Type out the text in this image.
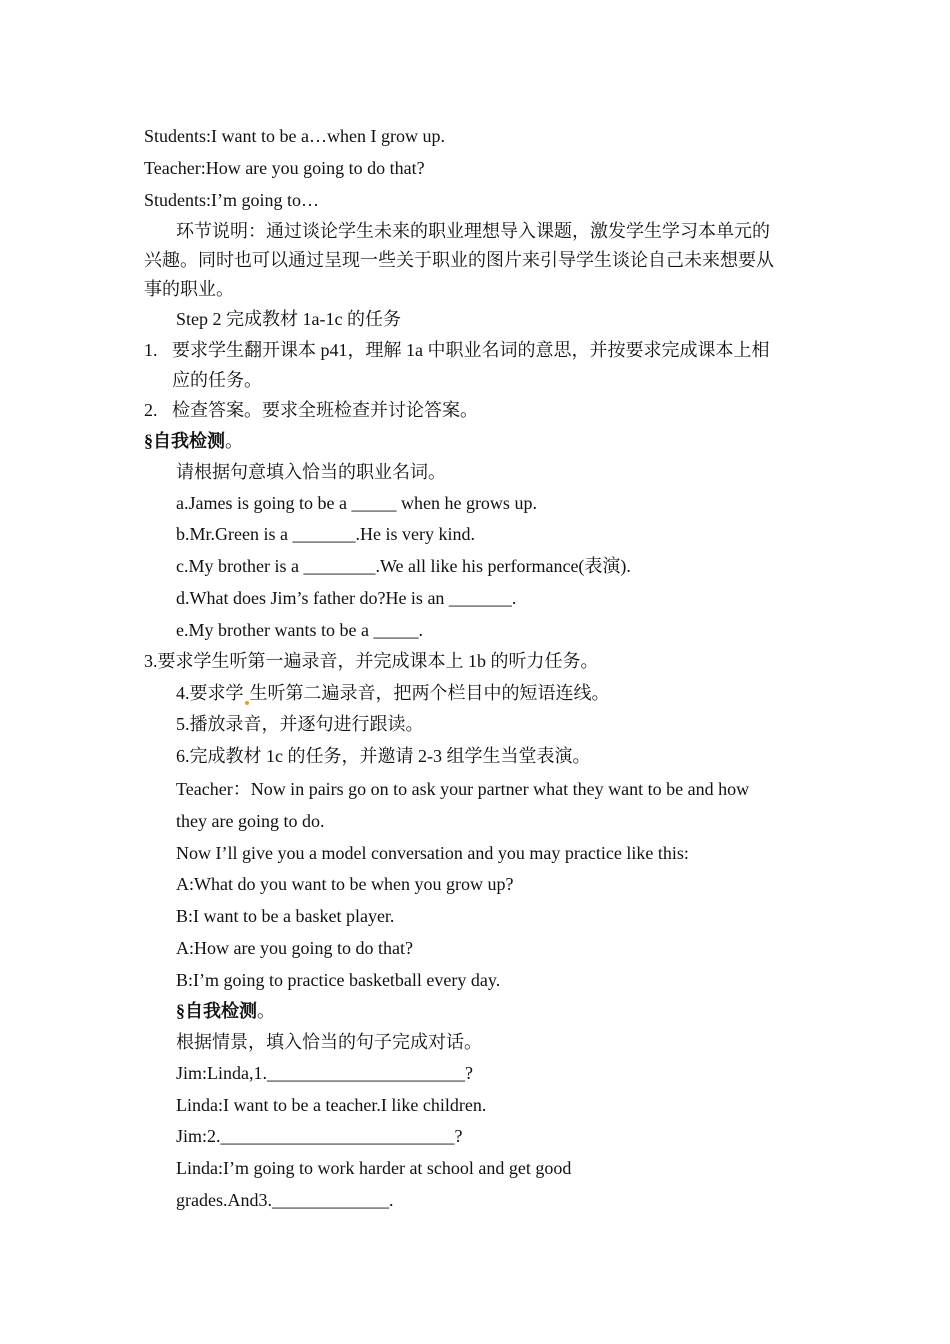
Students:I want to be a…when I grow up.
Teacher:How are you going to do that?
Students:I’m going to…
环节说明：通过谈论学生未来的职业理想导入课题，激发学生学习本单元的
兴趣。同时也可以通过呈现一些关于职业的图片来引导学生谈论自己未来想要从
事的职业。
Step 2 完成教材 1a-1c 的任务
1. 要求学生翻开课本 p41，理解 1a 中职业名词的意思，并按要求完成课本上相
应的任务。
2. 检查答案。要求全班检查并讨论答案。
§自我检测。
请根据句意填入恰当的职业名词。
a.James is going to be a _____ when he grows up.
b.Mr.Green is a _______.He is very kind.
c.My brother is a ________.We all like his performance(表演).
d.What does Jim’s father do?He is an _______.
e.My brother wants to be a _____.
3.要求学生听第一遍录音，并完成课本上 1b 的听力任务。
4.要求学 生听第二遍录音，把两个栏目中的短语连线。
5.播放录音，并逐句进行跟读。
6.完成教材 1c 的任务，并邀请 2-3 组学生当堂表演。
Teacher：Now in pairs go on to ask your partner what they want to be and how
they are going to do.
Now I’ll give you a model conversation and you may practice like this:
A:What do you want to be when you grow up?
B:I want to be a basket player.
A:How are you going to do that?
B:I’m going to practice basketball every day.
§自我检测。
根据情景，填入恰当的句子完成对话。
Jim:Linda,1.______________________?
Linda:I want to be a teacher.I like children.
Jim:2.__________________________?
Linda:I’m going to work harder at school and get good
grades.And3._____________.
